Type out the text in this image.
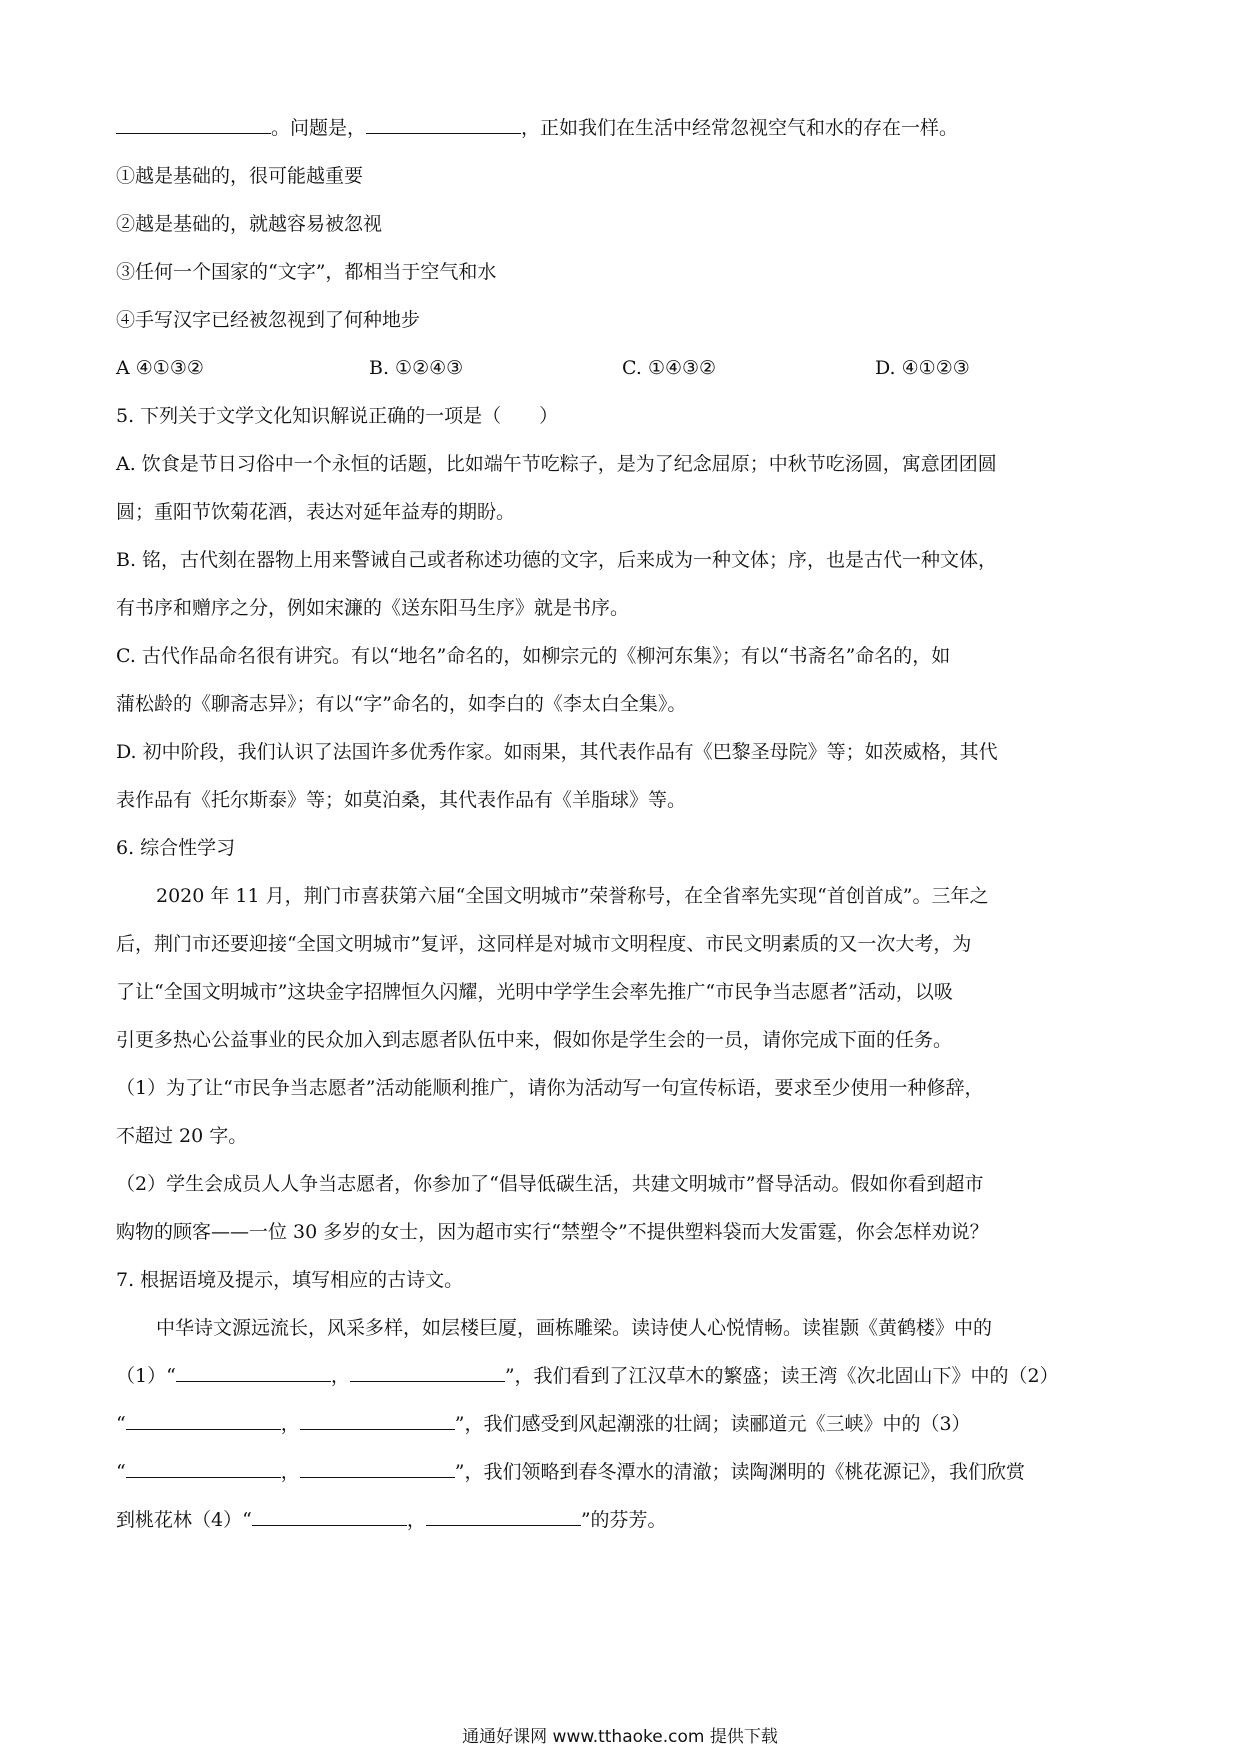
。问题是，	，正如我们在生活中经常忽视空气和水的存在一样。
①越是基础的，很可能越重要
②越是基础的，就越容易被忽视
③任何一个国家的“文字”，都相当于空气和水
④手写汉字已经被忽视到了何种地步
A ④①③②	B. ①②④③	C. ①④③②	D. ④①②③
5. 下列关于文学文化知识解说正确的一项是（　　）
A. 饮食是节日习俗中一个永恒的话题，比如端午节吃粽子，是为了纪念屈原；中秋节吃汤圆，寓意团团圆
圆；重阳节饮菊花酒，表达对延年益寿的期盼。
B. 铭，古代刻在器物上用来警诫自己或者称述功德的文字，后来成为一种文体；序，也是古代一种文体，
有书序和赠序之分，例如宋濂的《送东阳马生序》就是书序。
C. 古代作品命名很有讲究。有以“地名”命名的，如柳宗元的《柳河东集》；有以“书斋名”命名的，如
蒲松龄的《聊斋志异》；有以“字”命名的，如李白的《李太白全集》。
D. 初中阶段，我们认识了法国许多优秀作家。如雨果，其代表作品有《巴黎圣母院》等；如茨威格，其代
表作品有《托尔斯泰》等；如莫泊桑，其代表作品有《羊脂球》等。
6. 综合性学习
2020 年 11 月，荆门市喜获第六届“全国文明城市”荣誉称号，在全省率先实现“首创首成”。三年之
后，荆门市还要迎接“全国文明城市”复评，这同样是对城市文明程度、市民文明素质的又一次大考，为
了让“全国文明城市”这块金字招牌恒久闪耀，光明中学学生会率先推广“市民争当志愿者”活动，以吸
引更多热心公益事业的民众加入到志愿者队伍中来，假如你是学生会的一员，请你完成下面的任务。
（1）为了让“市民争当志愿者”活动能顺利推广，请你为活动写一句宣传标语，要求至少使用一种修辞，
不超过 20 字。
（2）学生会成员人人争当志愿者，你参加了“倡导低碳生活，共建文明城市”督导活动。假如你看到超市
购物的顾客——一位 30 多岁的女士，因为超市实行“禁塑令”不提供塑料袋而大发雷霆，你会怎样劝说？
7. 根据语境及提示，填写相应的古诗文。
中华诗文源远流长，风采多样，如层楼巨厦，画栋雕梁。读诗使人心悦情畅。读崔颢《黄鹤楼》中的
（1）“	，	”，我们看到了江汉草木的繁盛；读王湾《次北固山下》中的（2）
“	，	”，我们感受到风起潮涨的壮阔；读郦道元《三峡》中的（3）
“	，	”，我们领略到春冬潭水的清澈；读陶渊明的《桃花源记》，我们欣赏
到桃花林（4）“	，	”的芬芳。
通通好课网 www.tthaoke.com 提供下载
